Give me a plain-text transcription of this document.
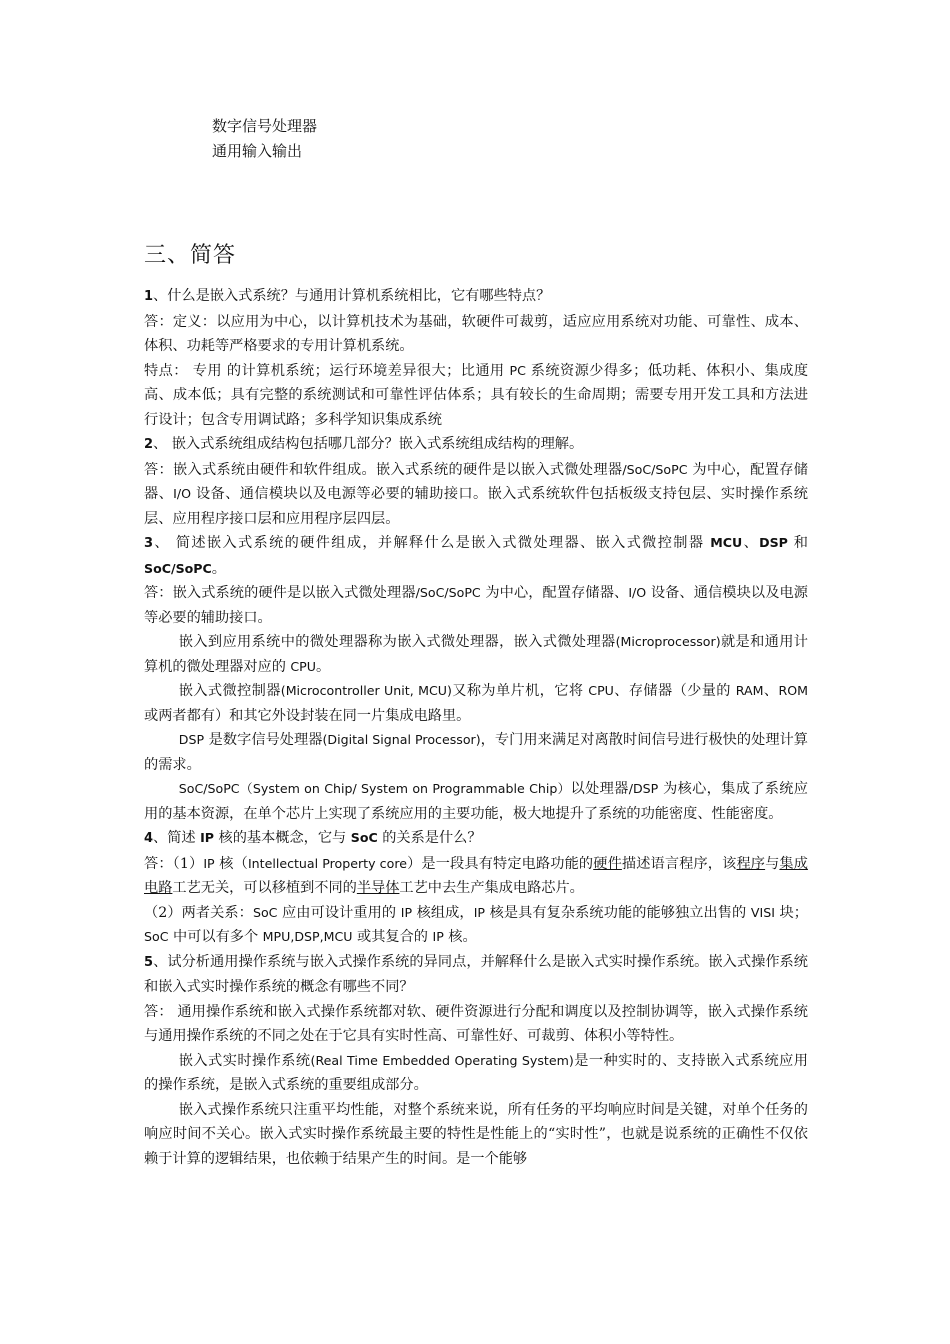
数字信号处理器
通用输入输出
三、简答

1、什么是嵌入式系统？与通用计算机系统相比，它有哪些特点？

答：定义：以应用为中心，以计算机技术为基础，软硬件可裁剪，适应应用系统对功能、可靠性、成本、体积、功耗等严格要求的专用计算机系统。

特点： 专用 的计算机系统；运行环境差异很大；比通用 PC 系统资源少得多；低功耗、体积小、集成度高、成本低；具有完整的系统测试和可靠性评估体系；具有较长的生命周期；需要专用开发工具和方法进行设计；包含专用调试路；多科学知识集成系统

2、 嵌入式系统组成结构包括哪几部分？嵌入式系统组成结构的理解。

答：嵌入式系统由硬件和软件组成。嵌入式系统的硬件是以嵌入式微处理器/SoC/SoPC 为中心，配置存储器、I/O 设备、通信模块以及电源等必要的辅助接口。嵌入式系统软件包括板级支持包层、实时操作系统层、应用程序接口层和应用程序层四层。

3、 简述嵌入式系统的硬件组成，并解释什么是嵌入式微处理器、嵌入式微控制器 MCU、DSP 和 SoC/SoPC。

答：嵌入式系统的硬件是以嵌入式微处理器/SoC/SoPC 为中心，配置存储器、I/O 设备、通信模块以及电源等必要的辅助接口。

嵌入到应用系统中的微处理器称为嵌入式微处理器，嵌入式微处理器(Microprocessor)就是和通用计算机的微处理器对应的 CPU。

嵌入式微控制器(Microcontroller Unit, MCU)又称为单片机，它将 CPU、存储器（少量的 RAM、ROM 或两者都有）和其它外设封装在同一片集成电路里。

DSP 是数字信号处理器(Digital Signal Processor)，专门用来满足对离散时间信号进行极快的处理计算的需求。

SoC/SoPC（System on Chip/ System on Programmable Chip）以处理器/DSP 为核心，集成了系统应用的基本资源，在单个芯片上实现了系统应用的主要功能，极大地提升了系统的功能密度、性能密度。

4、简述 IP 核的基本概念，它与 SoC 的关系是什么？

答：（1）IP 核（Intellectual Property core）是一段具有特定电路功能的硬件描述语言程序，该程序与集成电路工艺无关，可以移植到不同的半导体工艺中去生产集成电路芯片。

（2）两者关系：SoC 应由可设计重用的 IP 核组成，IP 核是具有复杂系统功能的能够独立出售的 VISI 块；SoC 中可以有多个 MPU,DSP,MCU 或其复合的 IP 核。

5、试分析通用操作系统与嵌入式操作系统的异同点，并解释什么是嵌入式实时操作系统。嵌入式操作系统和嵌入式实时操作系统的概念有哪些不同？

答： 通用操作系统和嵌入式操作系统都对软、硬件资源进行分配和调度以及控制协调等，嵌入式操作系统与通用操作系统的不同之处在于它具有实时性高、可靠性好、可裁剪、体积小等特性。

嵌入式实时操作系统(Real Time Embedded Operating System)是一种实时的、支持嵌入式系统应用的操作系统，是嵌入式系统的重要组成部分。

嵌入式操作系统只注重平均性能，对整个系统来说，所有任务的平均响应时间是关键，对单个任务的响应时间不关心。嵌入式实时操作系统最主要的特性是性能上的“实时性”，也就是说系统的正确性不仅依赖于计算的逻辑结果，也依赖于结果产生的时间。是一个能够
